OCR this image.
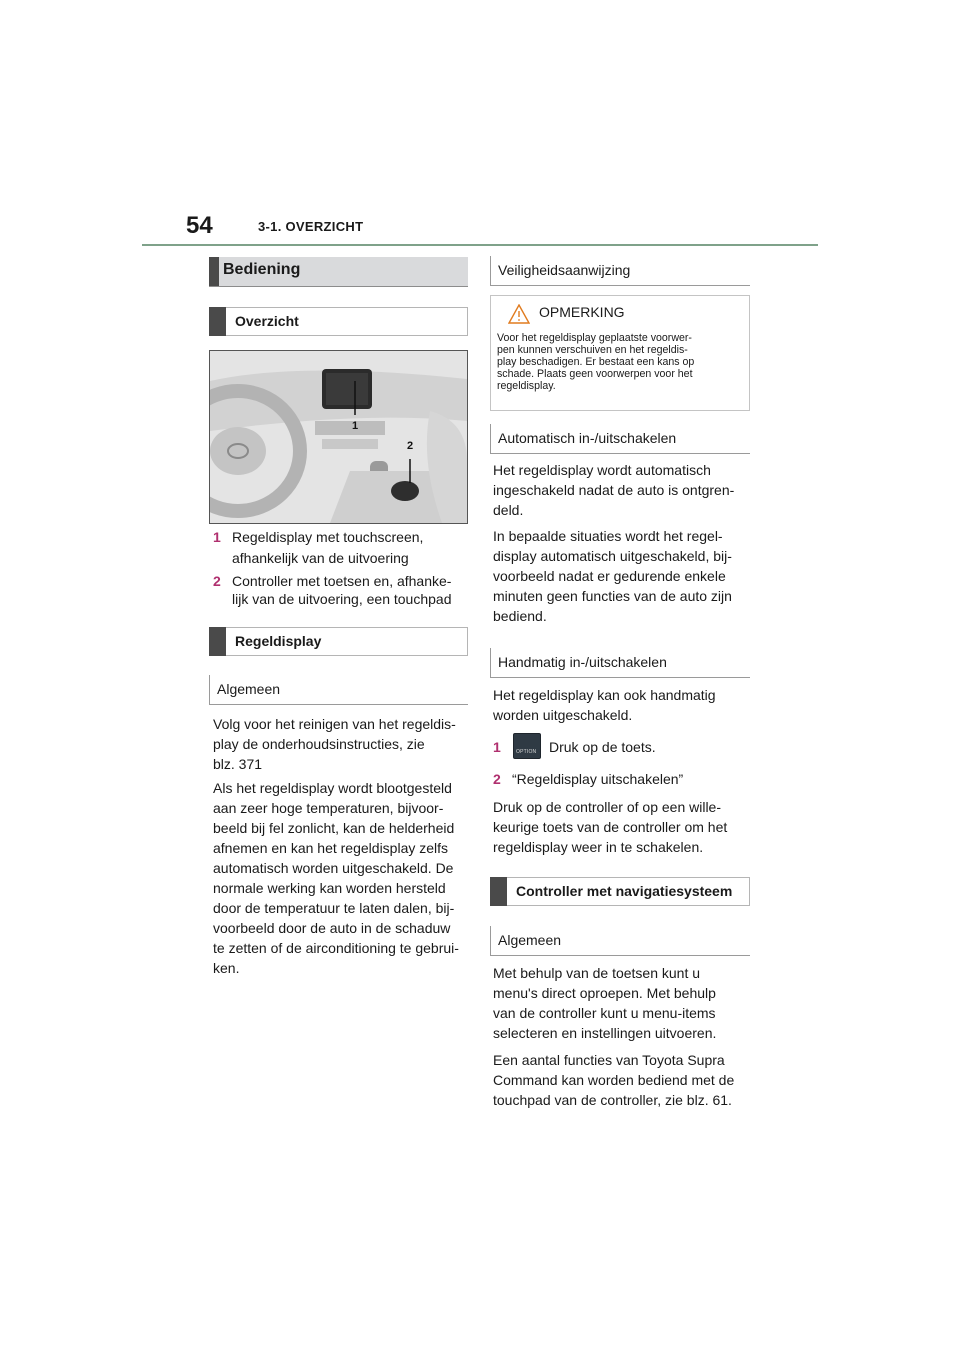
54	3-1. OVERZICHT
Bediening
Overzicht
1
2
1 Regeldisplay met touchscreen,
afhankelijk van de uitvoering
2 Controller met toetsen en, afhanke-
lijk van de uitvoering, een touchpad
Regeldisplay
Algemeen
Volg voor het reinigen van het regeldis-
play de onderhoudsinstructies, zie
blz. 371
Als het regeldisplay wordt blootgesteld
aan zeer hoge temperaturen, bijvoor-
beeld bij fel zonlicht, kan de helderheid
afnemen en kan het regeldisplay zelfs
automatisch worden uitgeschakeld. De
normale werking kan worden hersteld
door de temperatuur te laten dalen, bij-
voorbeeld door de auto in de schaduw
te zetten of de airconditioning te gebrui-
ken.
Veiligheidsaanwijzing
OPMERKING
Voor het regeldisplay geplaatste voorwer-
pen kunnen verschuiven en het regeldis-
play beschadigen. Er bestaat een kans op
schade. Plaats geen voorwerpen voor het
regeldisplay.
Automatisch in-/uitschakelen
Het regeldisplay wordt automatisch
ingeschakeld nadat de auto is ontgren-
deld.
In bepaalde situaties wordt het regel-
display automatisch uitgeschakeld, bij-
voorbeeld nadat er gedurende enkele
minuten geen functies van de auto zijn
bediend.
Handmatig in-/uitschakelen
Het regeldisplay kan ook handmatig
worden uitgeschakeld.
1	OPTION Druk op de toets.
2 “Regeldisplay uitschakelen”
Druk op de controller of op een wille-
keurige toets van de controller om het
regeldisplay weer in te schakelen.
Controller met navigatiesysteem
Algemeen
Met behulp van de toetsen kunt u
menu's direct oproepen. Met behulp
van de controller kunt u menu-items
selecteren en instellingen uitvoeren.
Een aantal functies van Toyota Supra
Command kan worden bediend met de
touchpad van de controller, zie blz. 61.
